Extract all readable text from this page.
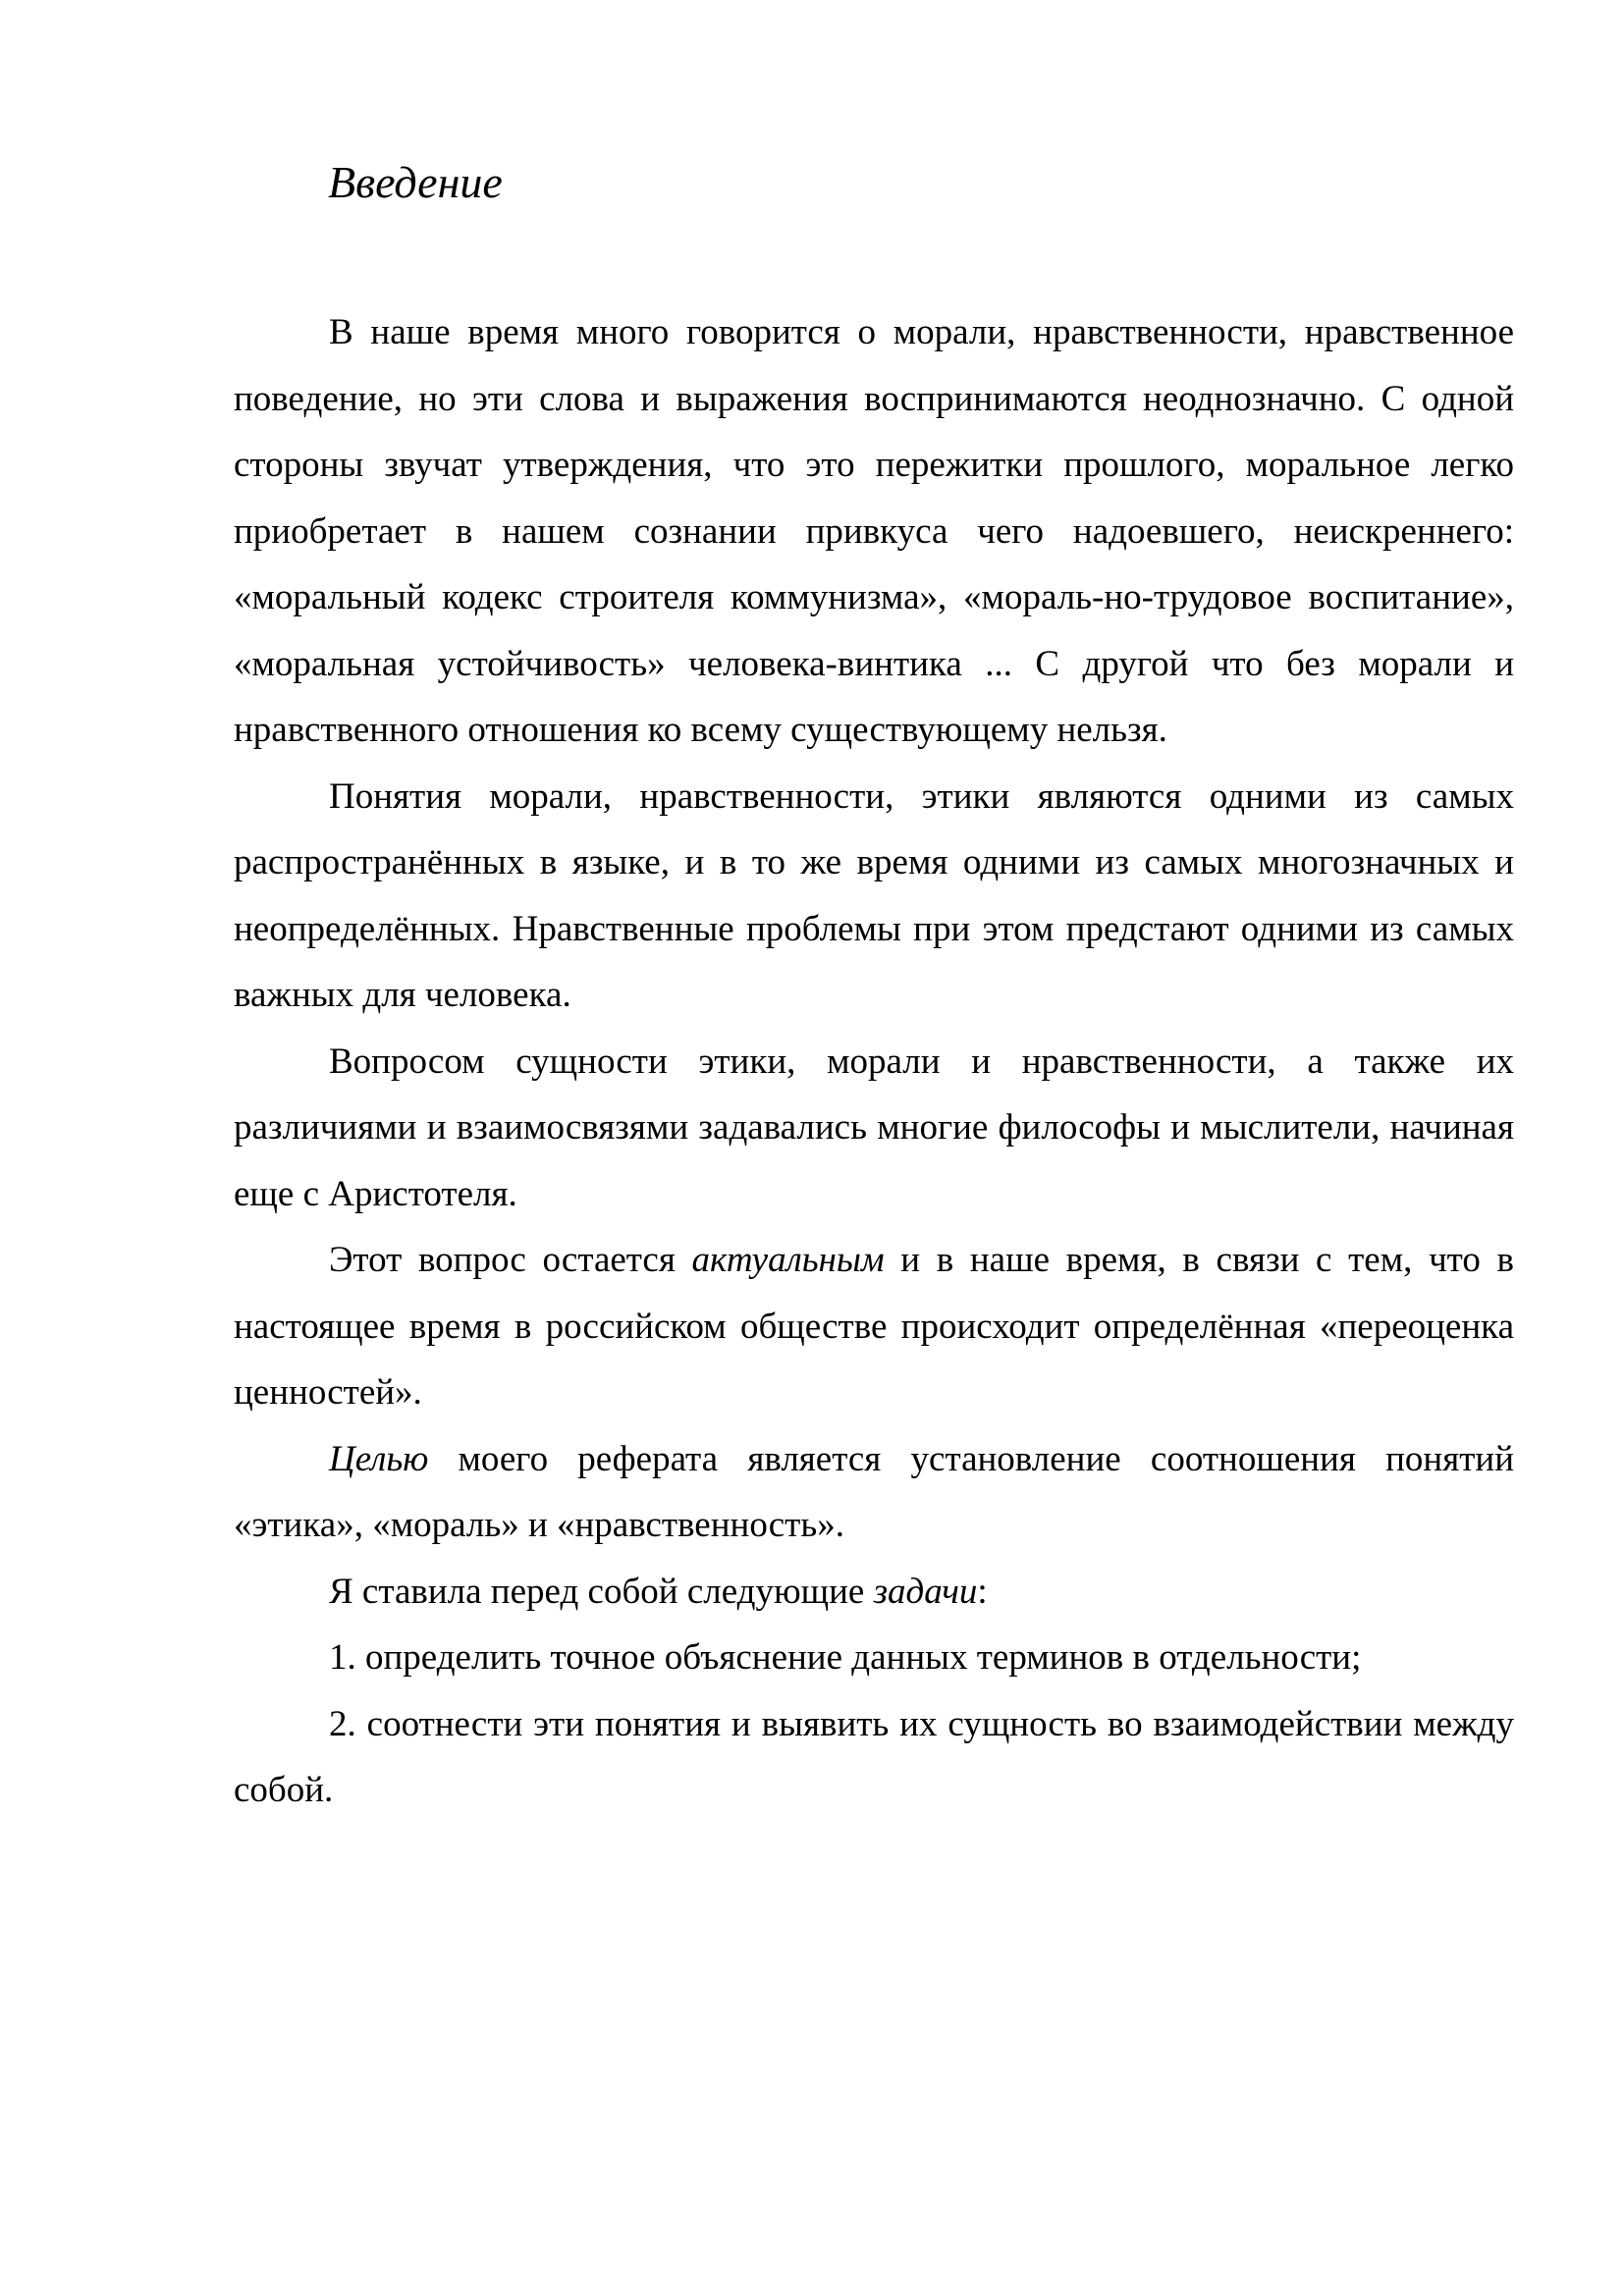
Введение

В наше время много говорится о морали, нравственности, нравственное поведение, но эти слова и выражения воспринимаются неоднозначно. С одной стороны звучат утверждения, что это пережитки прошлого, моральное легко приобретает в нашем сознании привкуса чего надоевшего, неискреннего: «моральный кодекс строителя коммунизма», «мораль-но-трудовое воспитание», «моральная устойчивость» человека-винтика ... С другой что без морали и нравственного отношения ко всему существующему нельзя.

Понятия морали, нравственности, этики являются одними из самых распространённых в языке, и в то же время одними из самых многозначных и неопределённых. Нравственные проблемы при этом предстают одними из самых важных для человека.

Вопросом сущности этики, морали и нравственности, а также их различиями и взаимосвязями задавались многие философы и мыслители, начиная еще с Аристотеля.

Этот вопрос остается актуальным и в наше время, в связи с тем, что в настоящее время в российском обществе происходит определённая «переоценка ценностей».

Целью моего реферата является установление соотношения понятий «этика», «мораль» и «нравственность».

Я ставила перед собой следующие задачи:

1. определить точное объяснение данных терминов в отдельности;

2. соотнести эти понятия и выявить их сущность во взаимодействии между собой.
